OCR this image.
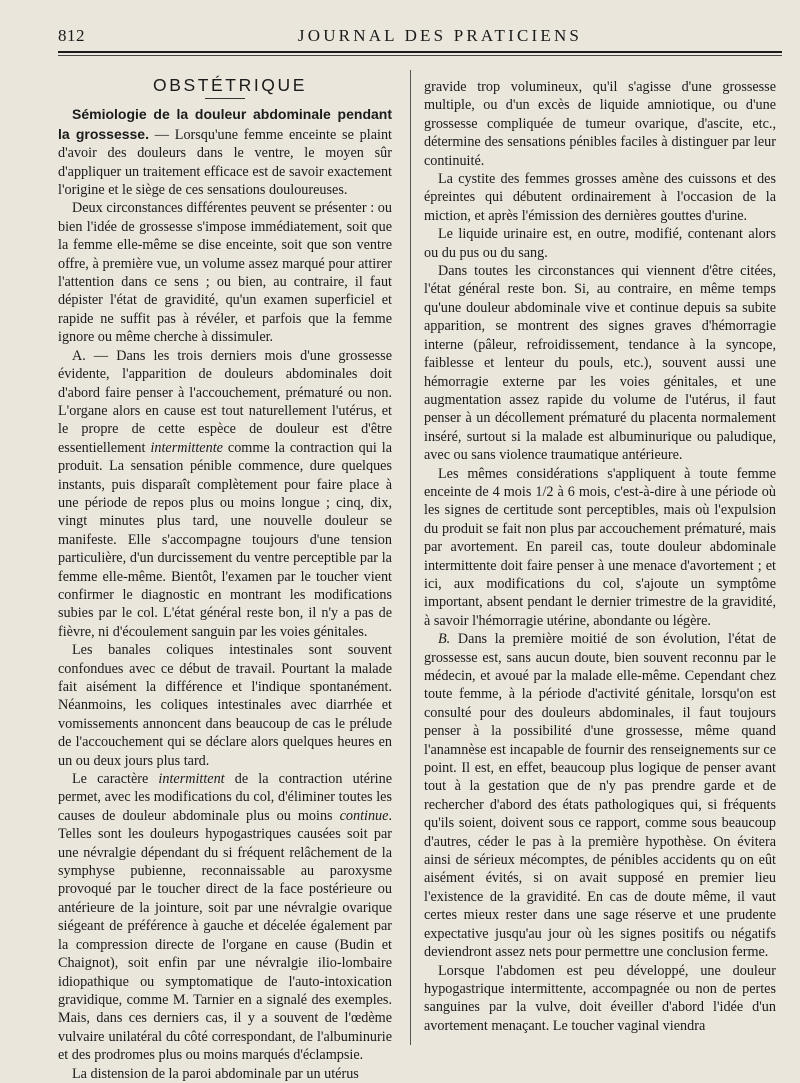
812	JOURNAL DES PRATICIENS
OBSTÉTRIQUE

Sémiologie de la douleur abdominale pendant la grossesse. — Lorsqu'une femme enceinte se plaint d'avoir des douleurs dans le ventre, le moyen sûr d'appliquer un traitement efficace est de savoir exactement l'origine et le siège de ces sensations douloureuses.

Deux circonstances différentes peuvent se présenter : ou bien l'idée de grossesse s'impose immédiatement, soit que la femme elle-même se dise enceinte, soit que son ventre offre, à première vue, un volume assez marqué pour attirer l'attention dans ce sens ; ou bien, au contraire, il faut dépister l'état de gravidité, qu'un examen superficiel et rapide ne suffit pas à révéler, et parfois que la femme ignore ou même cherche à dissimuler.

A. — Dans les trois derniers mois d'une grossesse évidente, l'apparition de douleurs abdominales doit d'abord faire penser à l'accouchement, prématuré ou non. L'organe alors en cause est tout naturellement l'utérus, et le propre de cette espèce de douleur est d'être essentiellement intermittente comme la contraction qui la produit. La sensation pénible commence, dure quelques instants, puis disparaît complètement pour faire place à une période de repos plus ou moins longue ; cinq, dix, vingt minutes plus tard, une nouvelle douleur se manifeste. Elle s'accompagne toujours d'une tension particulière, d'un durcissement du ventre perceptible par la femme elle-même. Bientôt, l'examen par le toucher vient confirmer le diagnostic en montrant les modifications subies par le col. L'état général reste bon, il n'y a pas de fièvre, ni d'écoulement sanguin par les voies génitales.

Les banales coliques intestinales sont souvent confondues avec ce début de travail. Pourtant la malade fait aisément la différence et l'indique spontanément. Néanmoins, les coliques intestinales avec diarrhée et vomissements annoncent dans beaucoup de cas le prélude de l'accouchement qui se déclare alors quelques heures en un ou deux jours plus tard.

Le caractère intermittent de la contraction utérine permet, avec les modifications du col, d'éliminer toutes les causes de douleur abdominale plus ou moins continue. Telles sont les douleurs hypogastriques causées soit par une névralgie dépendant du si fréquent relâchement de la symphyse pubienne, reconnaissable au paroxysme provoqué par le toucher direct de la face postérieure ou antérieure de la jointure, soit par une névralgie ovarique siégeant de préférence à gauche et décelée également par la compression directe de l'organe en cause (Budin et Chaignot), soit enfin par une névralgie ilio-lombaire idiopathique ou symptomatique de l'auto-intoxication gravidique, comme M. Tarnier en a signalé des exemples. Mais, dans ces derniers cas, il y a souvent de l'œdème vulvaire unilatéral du côté correspondant, de l'albuminurie et des prodromes plus ou moins marqués d'éclampsie.

La distension de la paroi abdominale par un utérus

gravide trop volumineux, qu'il s'agisse d'une grossesse multiple, ou d'un excès de liquide amniotique, ou d'une grossesse compliquée de tumeur ovarique, d'ascite, etc., détermine des sensations pénibles faciles à distinguer par leur continuité.

La cystite des femmes grosses amène des cuissons et des épreintes qui débutent ordinairement à l'occasion de la miction, et après l'émission des dernières gouttes d'urine.

Le liquide urinaire est, en outre, modifié, contenant alors ou du pus ou du sang.

Dans toutes les circonstances qui viennent d'être citées, l'état général reste bon. Si, au contraire, en même temps qu'une douleur abdominale vive et continue depuis sa subite apparition, se montrent des signes graves d'hémorragie interne (pâleur, refroidissement, tendance à la syncope, faiblesse et lenteur du pouls, etc.), souvent aussi une hémorragie externe par les voies génitales, et une augmentation assez rapide du volume de l'utérus, il faut penser à un décollement prématuré du placenta normalement inséré, surtout si la malade est albuminurique ou paludique, avec ou sans violence traumatique antérieure.

Les mêmes considérations s'appliquent à toute femme enceinte de 4 mois 1/2 à 6 mois, c'est-à-dire à une période où les signes de certitude sont perceptibles, mais où l'expulsion du produit se fait non plus par accouchement prématuré, mais par avortement. En pareil cas, toute douleur abdominale intermittente doit faire penser à une menace d'avortement ; et ici, aux modifications du col, s'ajoute un symptôme important, absent pendant le dernier trimestre de la gravidité, à savoir l'hémorragie utérine, abondante ou légère.

B. Dans la première moitié de son évolution, l'état de grossesse est, sans aucun doute, bien souvent reconnu par le médecin, et avoué par la malade elle-même. Cependant chez toute femme, à la période d'activité génitale, lorsqu'on est consulté pour des douleurs abdominales, il faut toujours penser à la possibilité d'une grossesse, même quand l'anamnèse est incapable de fournir des renseignements sur ce point. Il est, en effet, beaucoup plus logique de penser avant tout à la gestation que de n'y pas prendre garde et de rechercher d'abord des états pathologiques qui, si fréquents qu'ils soient, doivent sous ce rapport, comme sous beaucoup d'autres, céder le pas à la première hypothèse. On évitera ainsi de sérieux mécomptes, de pénibles accidents qu on eût aisément évités, si on avait supposé en premier lieu l'existence de la gravidité. En cas de doute même, il vaut certes mieux rester dans une sage réserve et une prudente expectative jusqu'au jour où les signes positifs ou négatifs deviendront assez nets pour permettre une conclusion ferme.

Lorsque l'abdomen est peu développé, une douleur hypogastrique intermittente, accompagnée ou non de pertes sanguines par la vulve, doit éveiller d'abord l'idée d'un avortement menaçant. Le toucher vaginal viendra
